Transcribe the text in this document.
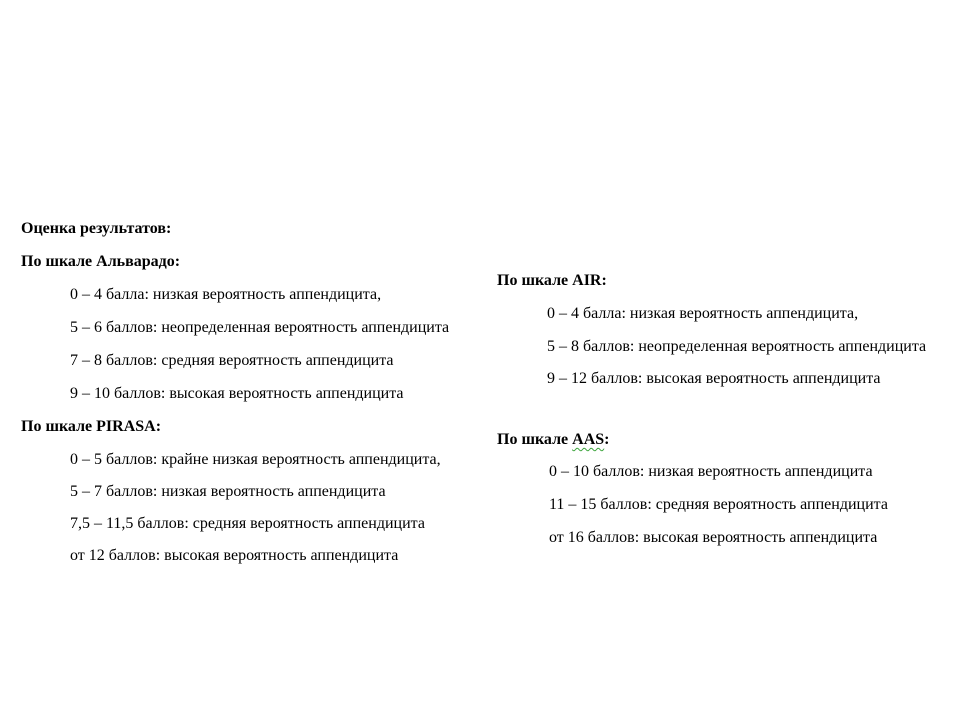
Оценка результатов:
По шкале Альварадо:
0 – 4 балла: низкая вероятность аппендицита,
5 – 6 баллов: неопределенная вероятность аппендицита
7 – 8 баллов: средняя вероятность аппендицита
9 – 10 баллов: высокая вероятность аппендицита
По шкале PIRASA:
0 – 5 баллов: крайне низкая вероятность аппендицита,
5 – 7 баллов: низкая вероятность аппендицита
7,5 – 11,5 баллов: средняя вероятность аппендицита
от 12 баллов: высокая вероятность аппендицита
По шкале AIR:
0 – 4 балла: низкая вероятность аппендицита,
5 – 8 баллов: неопределенная вероятность аппендицита
9 – 12 баллов: высокая вероятность аппендицита
По шкале AAS:
0 – 10 баллов: низкая вероятность аппендицита
11 – 15 баллов: средняя вероятность аппендицита
от 16 баллов: высокая вероятность аппендицита
